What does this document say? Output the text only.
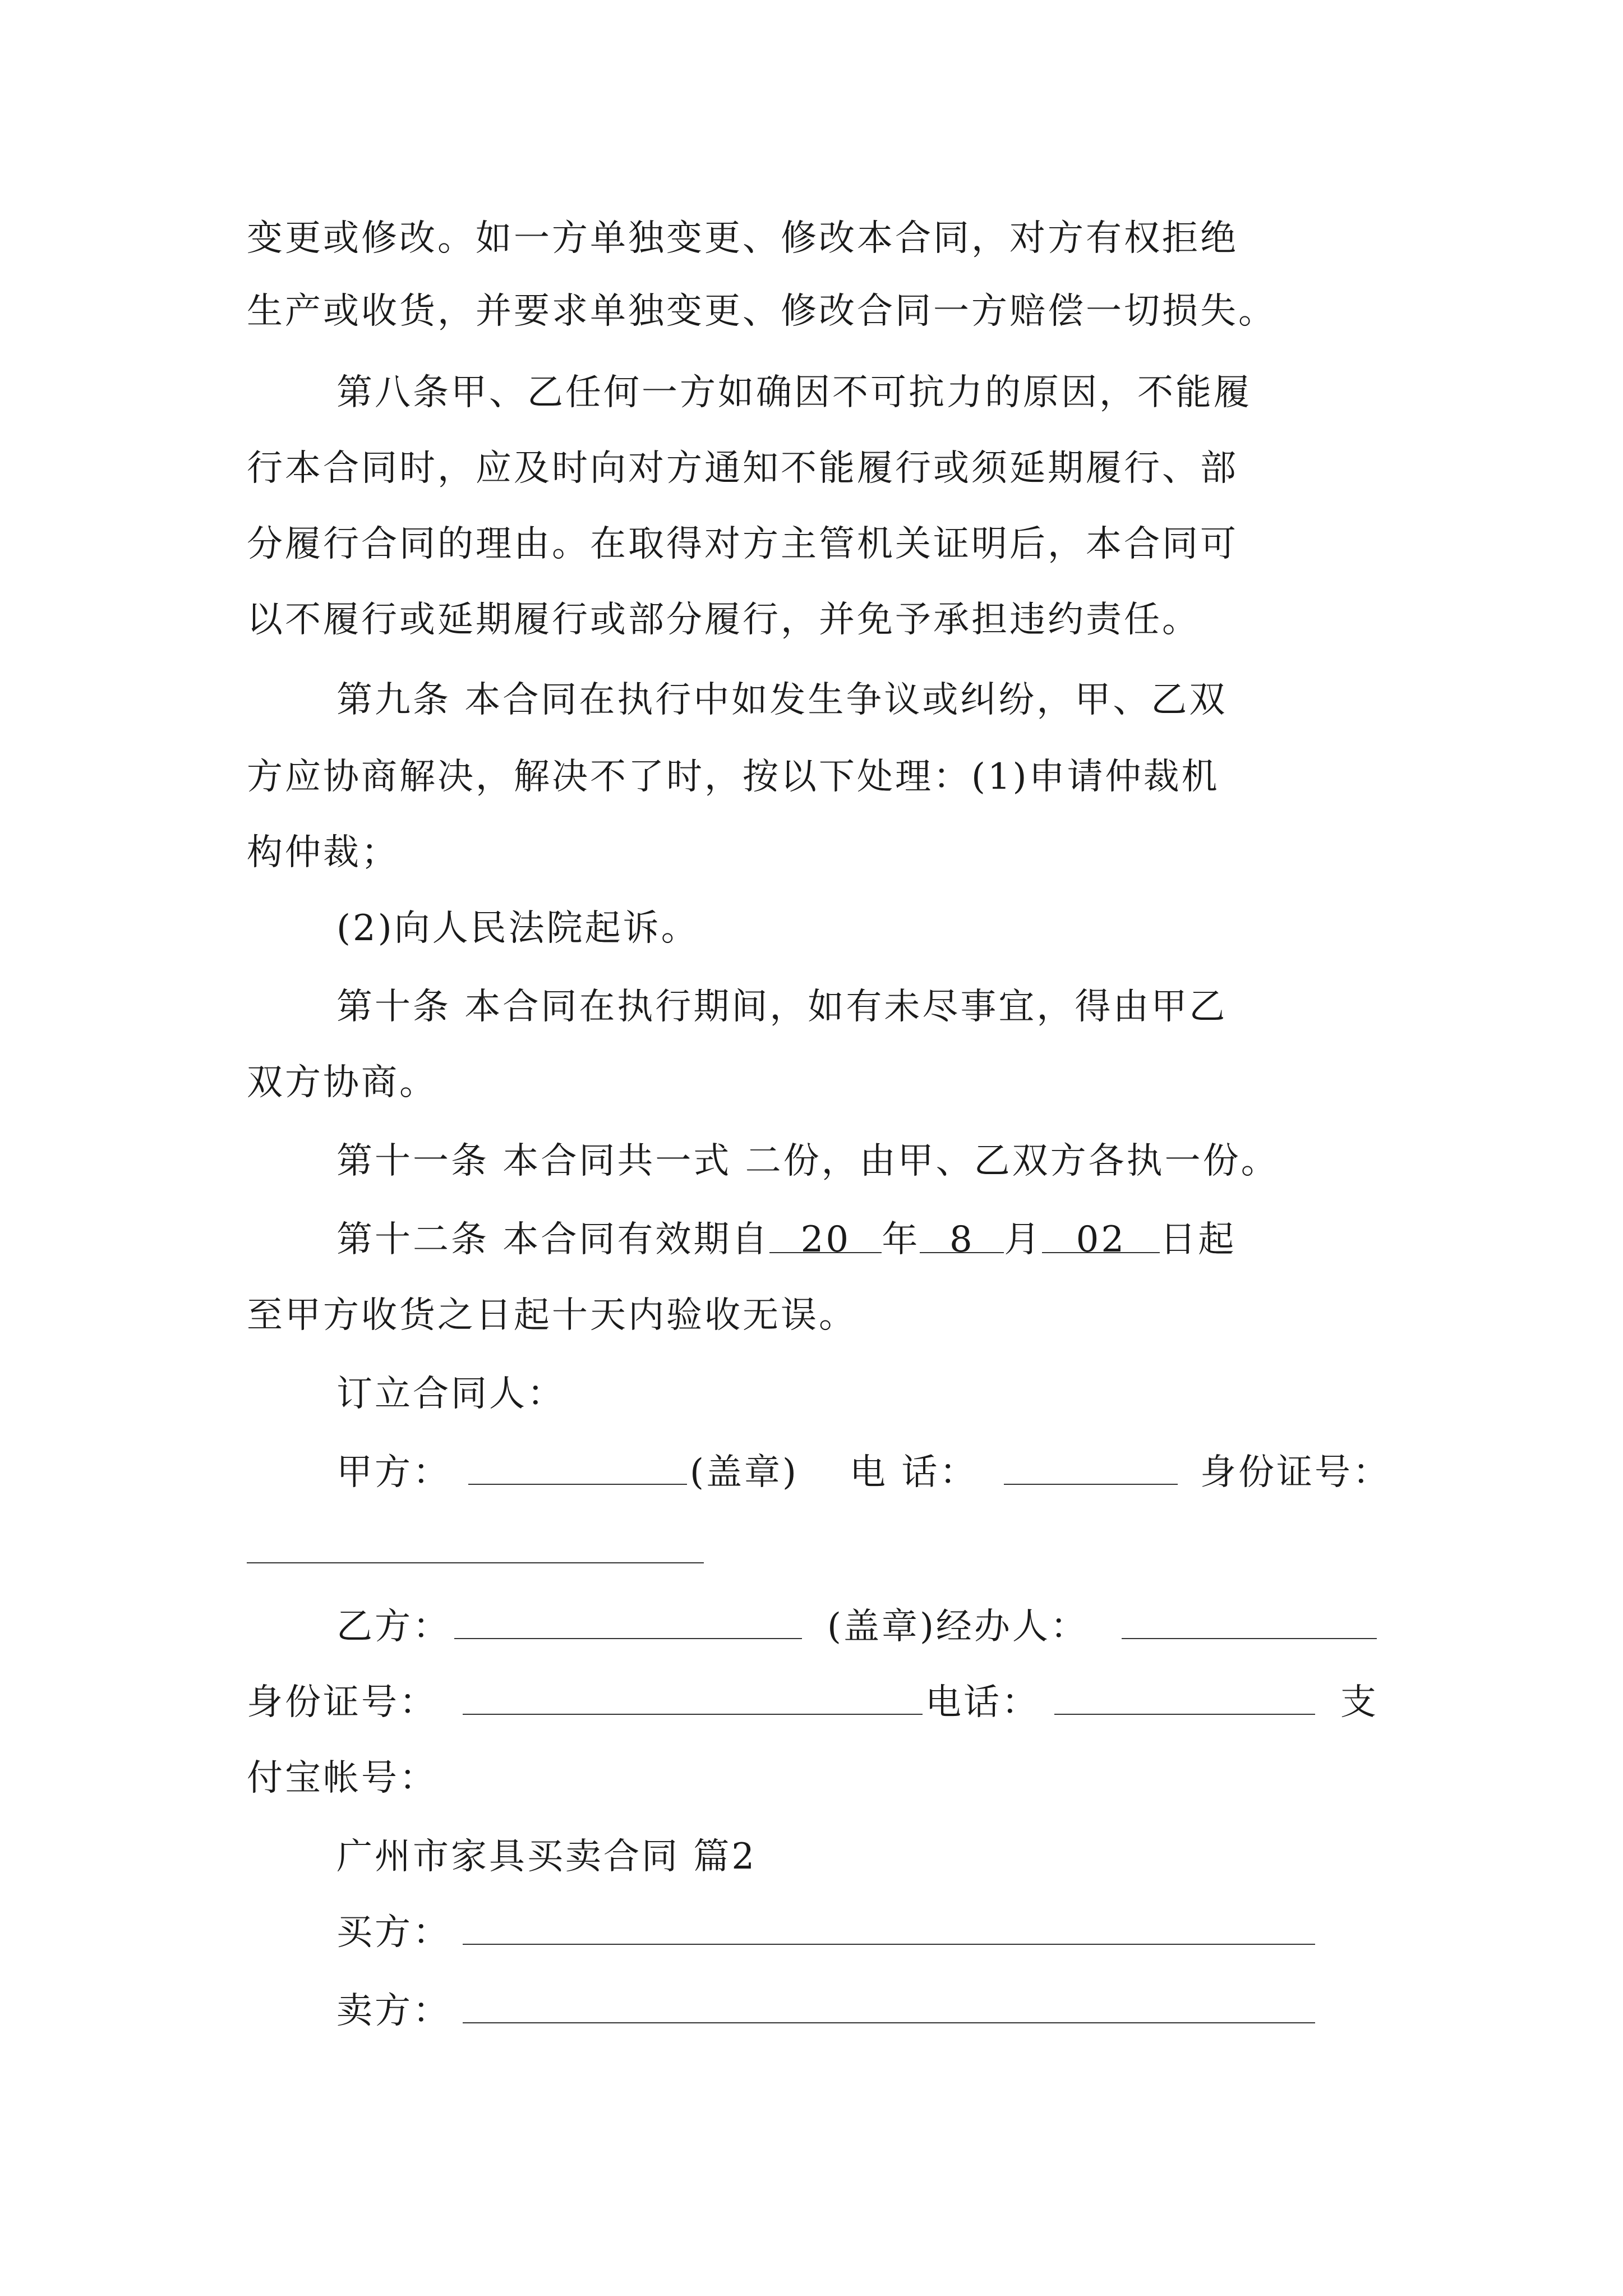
变更或修改。如一方单独变更、修改本合同，对方有权拒绝
生产或收货，并要求单独变更、修改合同一方赔偿一切损失。
第八条甲、乙任何一方如确因不可抗力的原因，不能履
行本合同时，应及时向对方通知不能履行或须延期履行、部
分履行合同的理由。在取得对方主管机关证明后，本合同可
以不履行或延期履行或部分履行，并免予承担违约责任。
第九条 本合同在执行中如发生争议或纠纷，甲、乙双
方应协商解决，解决不了时，按以下处理：(1)申请仲裁机
构仲裁；
(2)向人民法院起诉。
第十条 本合同在执行期间，如有未尽事宜，得由甲乙
双方协商。
第十一条 本合同共一式 二份，由甲、乙双方各执一份。
第十二条 本合同有效期自 20 年 8 月 02 日起
至甲方收货之日起十天内验收无误。
订立合同人：
甲方：	(盖章) 电 话：	身份证号：
乙方：	(盖章)经办人：
身份证号：	电话：	支
付宝帐号：
广州市家具买卖合同 篇2
买方：
卖方：
